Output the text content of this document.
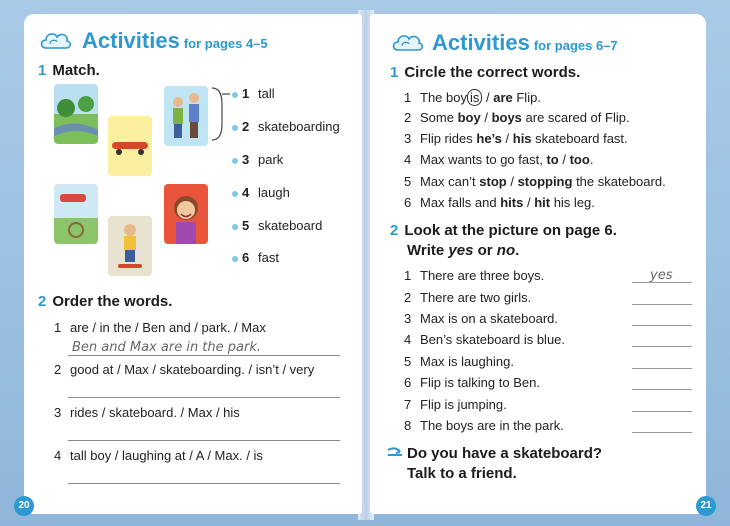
Activities for pages 4–5
1 Match.
1 tall
2 skateboarding
3 park
4 laugh
5 skateboard
6 fast
2 Order the words.
1 are / in the / Ben and / park. / Max
Ben and Max are in the park.
2 good at / Max / skateboarding. / isn’t / very
3 rides / skateboard. / Max / his
4 tall boy / laughing at / A / Max. / is
20
Activities for pages 6–7
1 Circle the correct words.
1 The boy is / are Flip.
2 Some boy / boys are scared of Flip.
3 Flip rides he’s / his skateboard fast.
4 Max wants to go fast, to / too.
5 Max can’t stop / stopping the skateboard.
6 Max falls and hits / hit his leg.
2 Look at the picture on page 6.
Write yes or no.
1 There are three boys.	yes
2 There are two girls.
3 Max is on a skateboard.
4 Ben’s skateboard is blue.
5 Max is laughing.
6 Flip is talking to Ben.
7 Flip is jumping.
8 The boys are in the park.
Do you have a skateboard?
Talk to a friend.
21
